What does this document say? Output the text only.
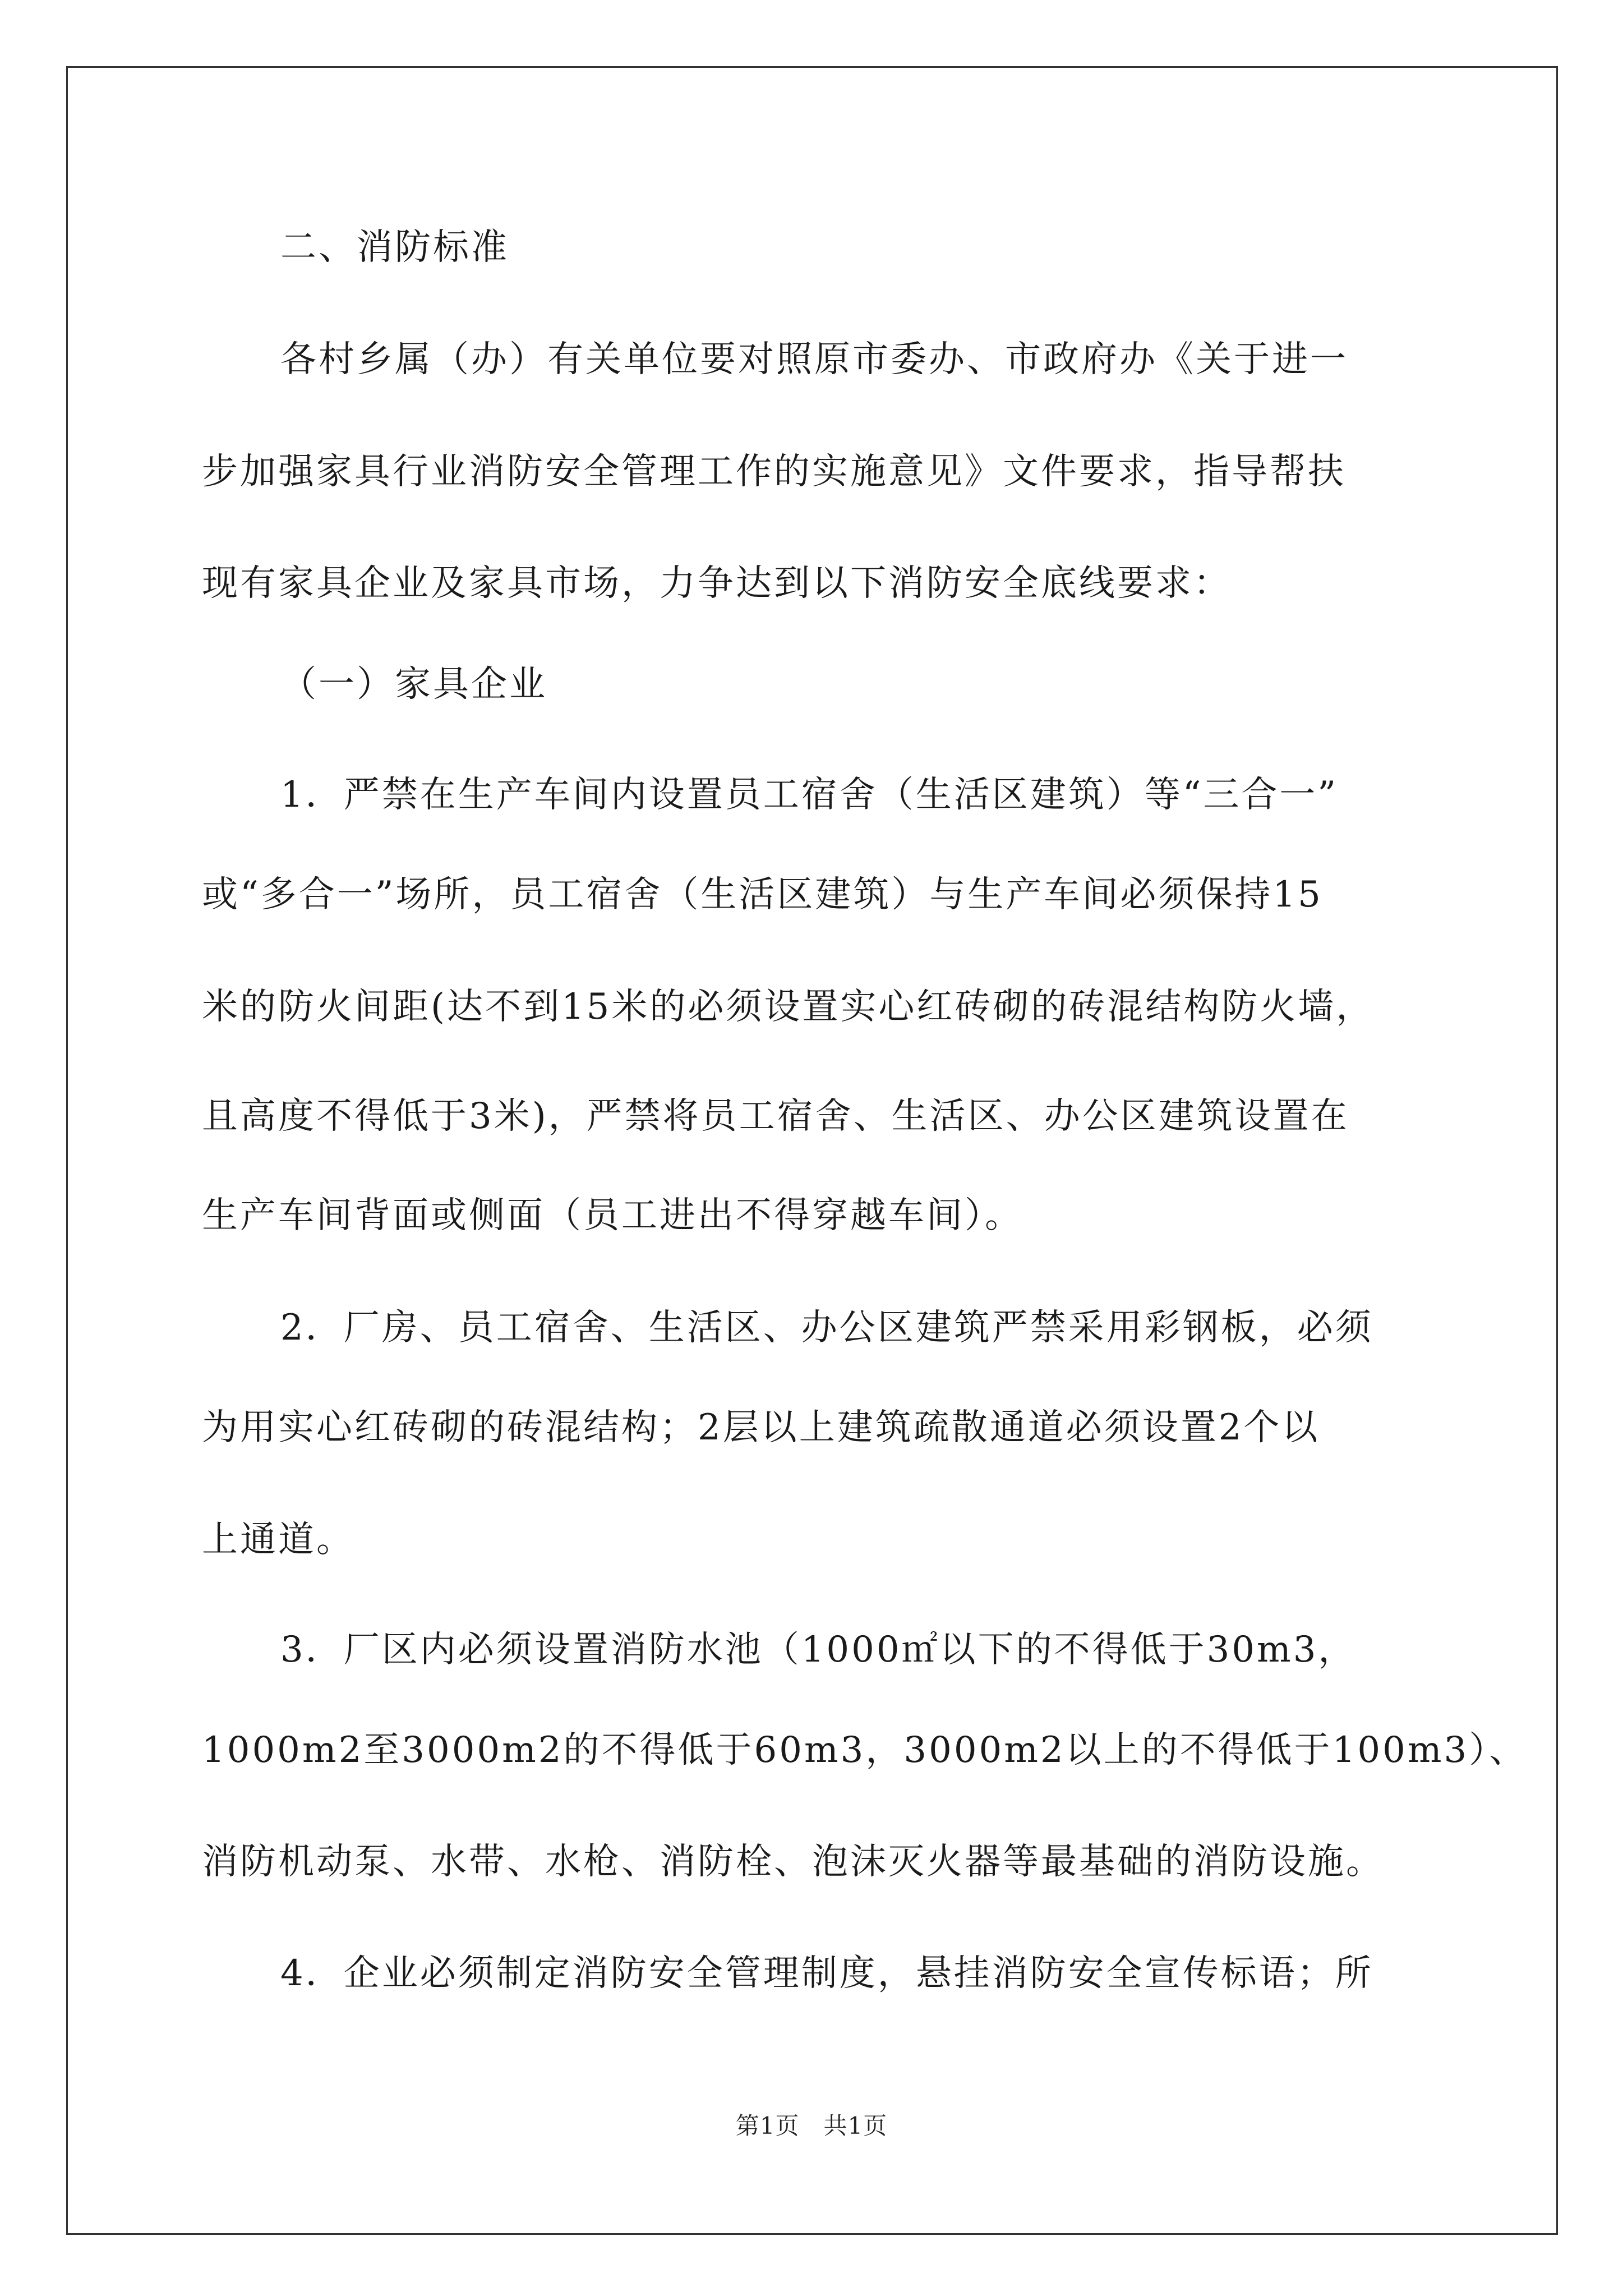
二、消防标准
各村乡属（办）有关单位要对照原市委办、市政府办《关于进一
步加强家具行业消防安全管理工作的实施意见》文件要求，指导帮扶
现有家具企业及家具市场，力争达到以下消防安全底线要求：
（一）家具企业
1．严禁在生产车间内设置员工宿舍（生活区建筑）等“三合一”
或“多合一”场所，员工宿舍（生活区建筑）与生产车间必须保持15
米的防火间距(达不到15米的必须设置实心红砖砌的砖混结构防火墙，
且高度不得低于3米)，严禁将员工宿舍、生活区、办公区建筑设置在
生产车间背面或侧面（员工进出不得穿越车间）。
2．厂房、员工宿舍、生活区、办公区建筑严禁采用彩钢板，必须
为用实心红砖砌的砖混结构；2层以上建筑疏散通道必须设置2个以
上通道。
3．厂区内必须设置消防水池（1000㎡以下的不得低于30m3，
1000m2至3000m2的不得低于60m3，3000m2以上的不得低于100m3）、
消防机动泵、水带、水枪、消防栓、泡沫灭火器等最基础的消防设施。
4．企业必须制定消防安全管理制度，悬挂消防安全宣传标语；所
第1页　共1页
